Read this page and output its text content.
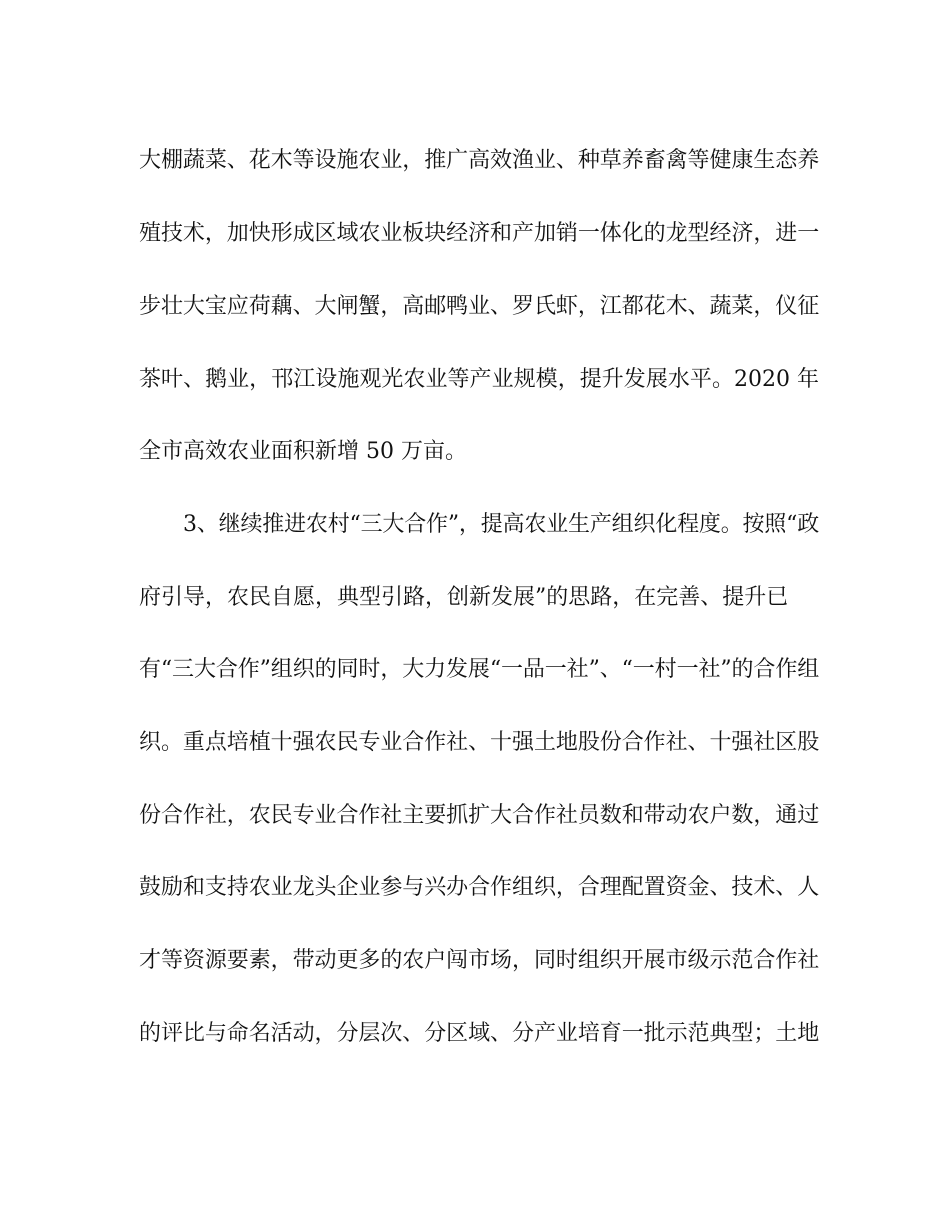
大棚蔬菜、花木等设施农业，推广高效渔业、种草养畜禽等健康生态养
殖技术，加快形成区域农业板块经济和产加销一体化的龙型经济，进一
步壮大宝应荷藕、大闸蟹，高邮鸭业、罗氏虾，江都花木、蔬菜，仪征
茶叶、鹅业，邗江设施观光农业等产业规模，提升发展水平。2020 年
全市高效农业面积新增 50 万亩。
3、继续推进农村“三大合作”，提高农业生产组织化程度。按照“政
府引导，农民自愿，典型引路，创新发展”的思路，在完善、提升已
有“三大合作”组织的同时，大力发展“一品一社”、“一村一社”的合作组
织。重点培植十强农民专业合作社、十强土地股份合作社、十强社区股
份合作社，农民专业合作社主要抓扩大合作社员数和带动农户数，通过
鼓励和支持农业龙头企业参与兴办合作组织，合理配置资金、技术、人
才等资源要素，带动更多的农户闯市场，同时组织开展市级示范合作社
的评比与命名活动，分层次、分区域、分产业培育一批示范典型；土地
